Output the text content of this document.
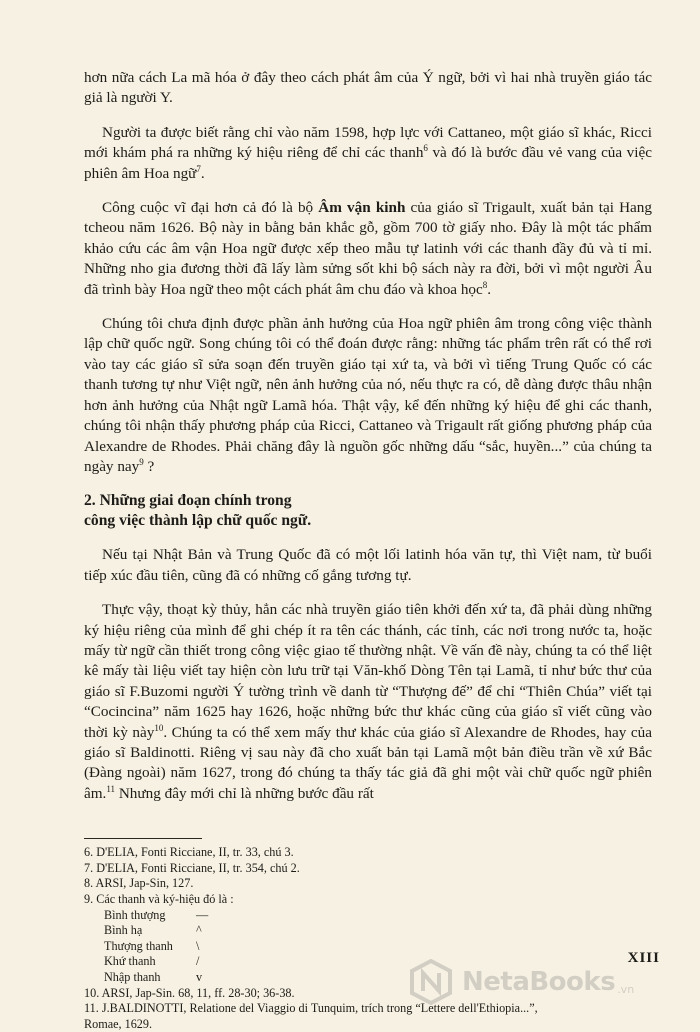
hơn nữa cách La mã hóa ở đây theo cách phát âm của Ý ngữ, bởi vì hai nhà truyền giáo tác giả là người Y.

Người ta được biết rằng chỉ vào năm 1598, hợp lực với Cattaneo, một giáo sĩ khác, Ricci mới khám phá ra những ký hiệu riêng để chỉ các thanh$^6$ và đó là bước đầu vẻ vang của việc phiên âm Hoa ngữ$^7$.

Công cuộc vĩ đại hơn cả đó là bộ Âm vận kinh của giáo sĩ Trigault, xuất bản tại Hang tcheou năm 1626. Bộ này in bằng bản khắc gỗ, gồm 700 tờ giấy nho. Đây là một tác phẩm khảo cứu các âm vận Hoa ngữ được xếp theo mẫu tự latinh với các thanh đầy đủ và tỉ mỉ. Những nho gia đương thời đã lấy làm sửng sốt khi bộ sách này ra đời, bởi vì một người Âu đã trình bày Hoa ngữ theo một cách phát âm chu đáo và khoa học$^8$.

Chúng tôi chưa định được phần ảnh hưởng của Hoa ngữ phiên âm trong công việc thành lập chữ quốc ngữ. Song chúng tôi có thể đoán được rằng: những tác phẩm trên rất có thể rơi vào tay các giáo sĩ sửa soạn đến truyền giáo tại xứ ta, và bởi vì tiếng Trung Quốc có các thanh tương tự như Việt ngữ, nên ảnh hưởng của nó, nếu thực ra có, dễ dàng được thâu nhận hơn ảnh hưởng của Nhật ngữ Lamã hóa. Thật vậy, kể đến những ký hiệu để ghi các thanh, chúng tôi nhận thấy phương pháp của Ricci, Cattaneo và Trigault rất giống phương pháp của Alexandre de Rhodes. Phải chăng đây là nguồn gốc những dấu “sắc, huyền...” của chúng ta ngày nay$^9$ ?

2. Những giai đoạn chính trong
công việc thành lập chữ quốc ngữ.

Nếu tại Nhật Bản và Trung Quốc đã có một lối latinh hóa văn tự, thì Việt nam, từ buổi tiếp xúc đầu tiên, cũng đã có những cố gắng tương tự.

Thực vậy, thoạt kỳ thủy, hẳn các nhà truyền giáo tiên khởi đến xứ ta, đã phải dùng những ký hiệu riêng của mình để ghi chép ít ra tên các thánh, các tỉnh, các nơi trong nước ta, hoặc mấy từ ngữ cần thiết trong công việc giao tế thường nhật. Về vấn đề này, chúng ta có thể liệt kê mấy tài liệu viết tay hiện còn lưu trữ tại Văn-khố Dòng Tên tại Lamã, tỉ như bức thư của giáo sĩ F.Buzomi người Ý tường trình về danh từ “Thượng đế” để chỉ “Thiên Chúa” viết tại “Cocincina” năm 1625 hay 1626, hoặc những bức thư khác cũng của giáo sĩ viết cũng vào thời kỳ này$^{10}$. Chúng ta có thể xem mấy thư khác của giáo sĩ Alexandre de Rhodes, hay của giáo sĩ Baldinotti. Riêng vị sau này đã cho xuất bản tại Lamã một bản điều trần về xứ Bắc (Đàng ngoài) năm 1627, trong đó chúng ta thấy tác giả đã ghi một vài chữ quốc ngữ phiên âm.$^{11}$ Nhưng đây mới chỉ là những bước đầu rất

6. D'ELIA, Fonti Ricciane, II, tr. 33, chú 3.
7. D'ELIA, Fonti Ricciane, II, tr. 354, chú 2.
8. ARSI, Jap-Sin, 127.
9. Các thanh và ký-hiệu đó là :
Bình thượng	—
Bình hạ	^
Thượng thanh	\
Khứ thanh	/
Nhập thanh	v
10. ARSI, Jap-Sin. 68, 11, ff. 28-30; 36-38.
11. J.BALDINOTTI, Relatione del Viaggio di Tunquim, trích trong “Lettere dell'Ethiopia...”,
Romae, 1629.
XIII
NetaBooks .vn
